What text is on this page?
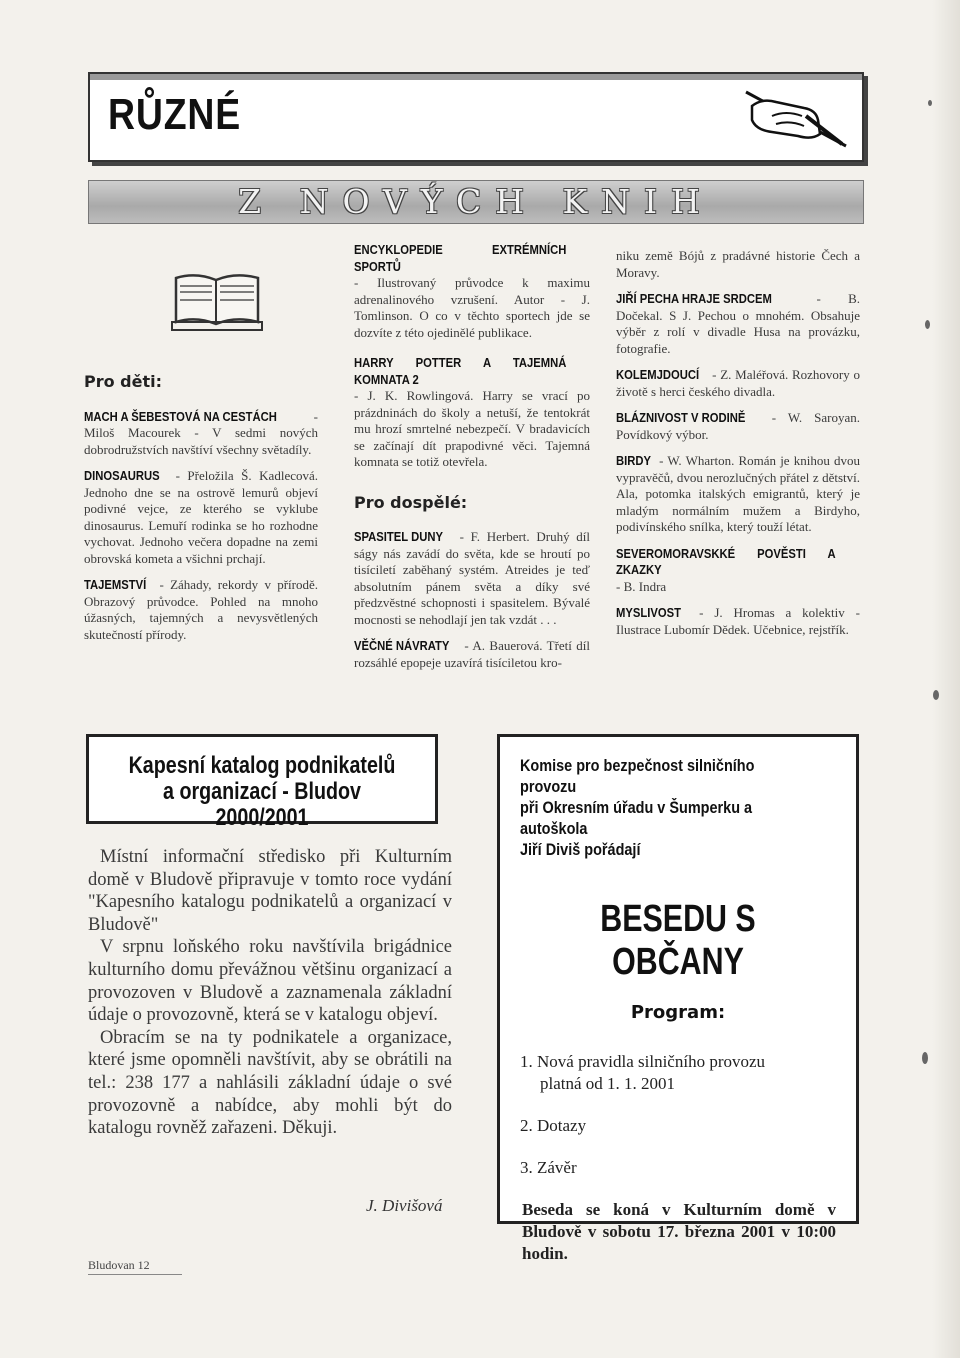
RŮZNÉ
Z NOVÝCH KNIH
Pro děti:

MACH A ŠEBESTOVÁ NA CESTÁCH	- Miloš Macourek - V sedmi nových dobrodružstvích navštíví všechny světadíly.

DINOSAURUS - Přeložila Š. Kadlecová. Jednoho dne se na ostrově lemurů objeví podivné vejce, ze kterého se vyklube dinosaurus. Lemuří rodinka se ho rozhodne vychovat. Jednoho večera dopadne na zemi obrovská kometa a všichni prchají.

TAJEMSTVÍ - Záhady, rekordy v přírodě. Obrazový průvodce. Pohled na mnoho úžasných, tajemných a nevysvětlených skutečností přírody.

ENCYKLOPEDIE EXTRÉMNÍCH SPORTŮ - Ilustrovaný průvodce k maximu adrenalinového vzrušení. Autor - J. Tomlinson. O co v těchto sportech jde se dozvíte z této ojedinělé publikace.

HARRY POTTER A TAJEMNÁ KOMNATA 2 - J. K. Rowlingová. Harry se vrací po prázdninách do školy a netuší, že tentokrát mu hrozí smrtelné nebezpečí. V bradavicích se začínají dít prapodivné věci. Tajemná komnata se totiž otevřela.

Pro dospělé:

SPASITEL DUNY - F. Herbert. Druhý díl ságy nás zavádí do světa, kde se hroutí po tisíciletí zaběhaný systém. Atreides je teď absolutním pánem světa a díky své předzvěstné schopnosti i spasitelem. Bývalé mocnosti se nehodlají jen tak vzdát . . .

VĚČNÉ NÁVRATY - A. Bauerová. Třetí díl rozsáhlé epopeje uzavírá tisíciletou kro-

niku země Bójů z pradávné historie Čech a Moravy.

JIŘÍ PECHA HRAJE SRDCEM	- B. Dočekal. S J. Pechou o mnohém. Obsahuje výběr z rolí v divadle Husa na provázku, fotografie.

KOLEMJDOUCÍ - Z. Maléřová. Rozhovory o životě s herci českého divadla.

BLÁZNIVOST V RODINĚ - W. Saroyan. Povídkový výbor.

BIRDY - W. Wharton. Román je knihou dvou vypravěčů, dvou nerozlučných přátel z dětství. Ala, potomka italských emigrantů, který je mladým normálním mužem a Birdyho, podivínského snílka, který touží létat.

SEVEROMORAVSKKÉ POVĚSTI A ZKAZKY - B. Indra

MYSLIVOST - J. Hromas a kolektiv - Ilustrace Lubomír Dědek. Učebnice, rejstřík.

Kapesní katalog podnikatelů
a organizací - Bludov 2000/2001

Místní informační středisko při Kulturním domě v Bludově připravuje v tomto roce vydání "Kapesního katalogu podnikatelů a organizací v Bludově"

V srpnu loňského roku navštívila brigádnice kulturního domu převážnou většinu organizací a provozoven v Bludově a zaznamenala základní údaje o provozovně, která se v katalogu objeví.

Obracím se na ty podnikatele a organizace, které jsme opomněli navštívit, aby se obrátili na tel.: 238 177 a nahlásili základní údaje o své provozovně a nabídce, aby mohli být do katalogu rovněž zařazeni. Děkuji.

J. Divišová
Komise pro bezpečnost silničního provozu
při Okresním úřadu v Šumperku a autoškola
Jiří Diviš pořádají
BESEDU S OBČANY
Program:
1. Nová pravidla silničního provozu
platná od 1. 1. 2001
2. Dotazy
3. Závěr
Beseda se koná v Kulturním domě v Bludově v sobotu 17. března 2001 v 10:00 hodin.
Bludovan 12
